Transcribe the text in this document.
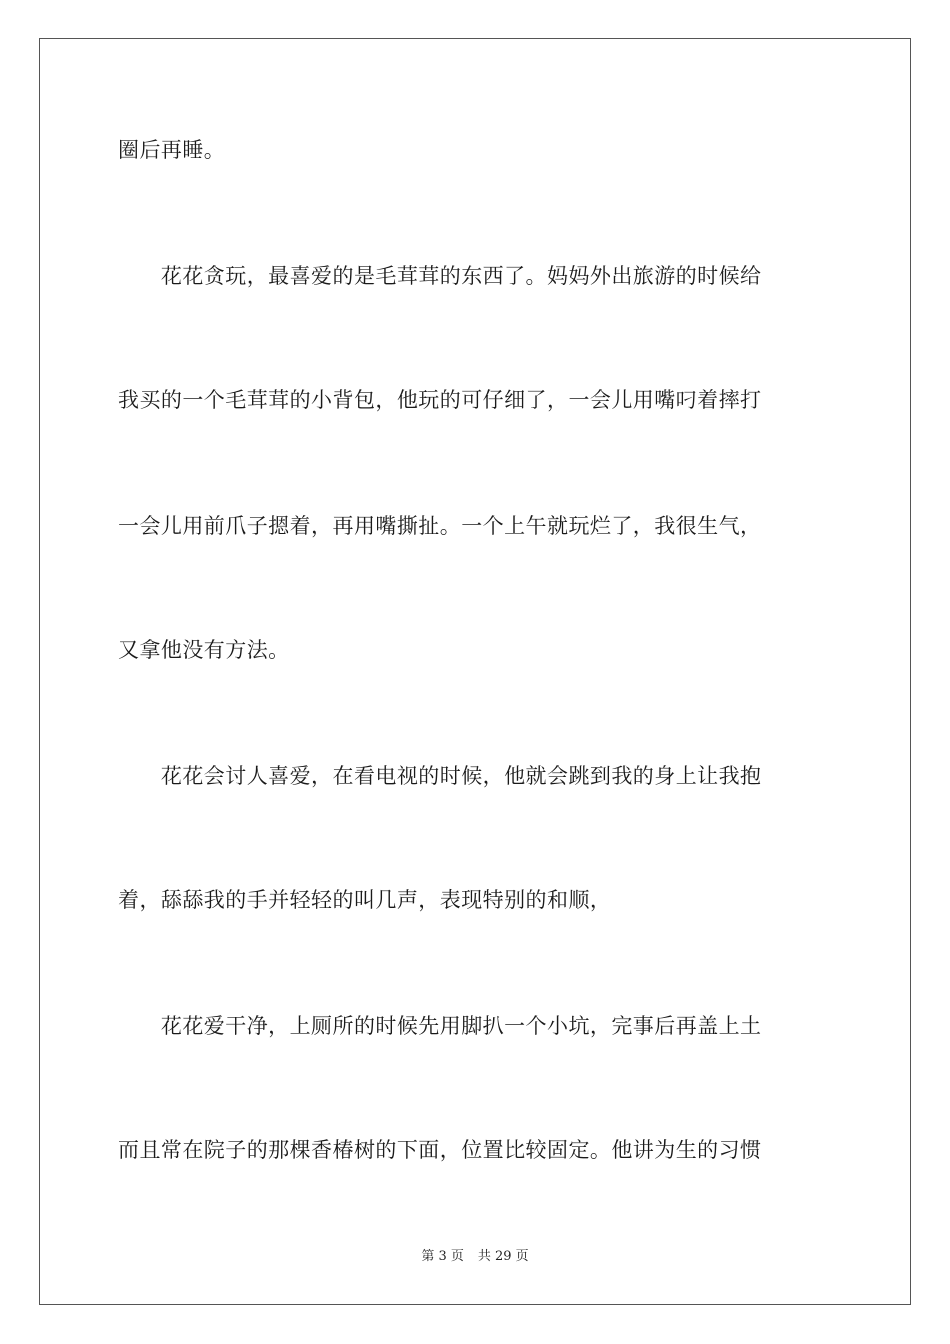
圈后再睡。
　　花花贪玩，最喜爱的是毛茸茸的东西了。妈妈外出旅游的时候给
我买的一个毛茸茸的小背包，他玩的可仔细了，一会儿用嘴叼着摔打
一会儿用前爪子摁着，再用嘴撕扯。一个上午就玩烂了，我很生气，
又拿他没有方法。
　　花花会讨人喜爱，在看电视的时候，他就会跳到我的身上让我抱
着，舔舔我的手并轻轻的叫几声，表现特别的和顺，
　　花花爱干净，上厕所的时候先用脚扒一个小坑，完事后再盖上土
而且常在院子的那棵香椿树的下面，位置比较固定。他讲为生的习惯
第 3 页 共 29 页
